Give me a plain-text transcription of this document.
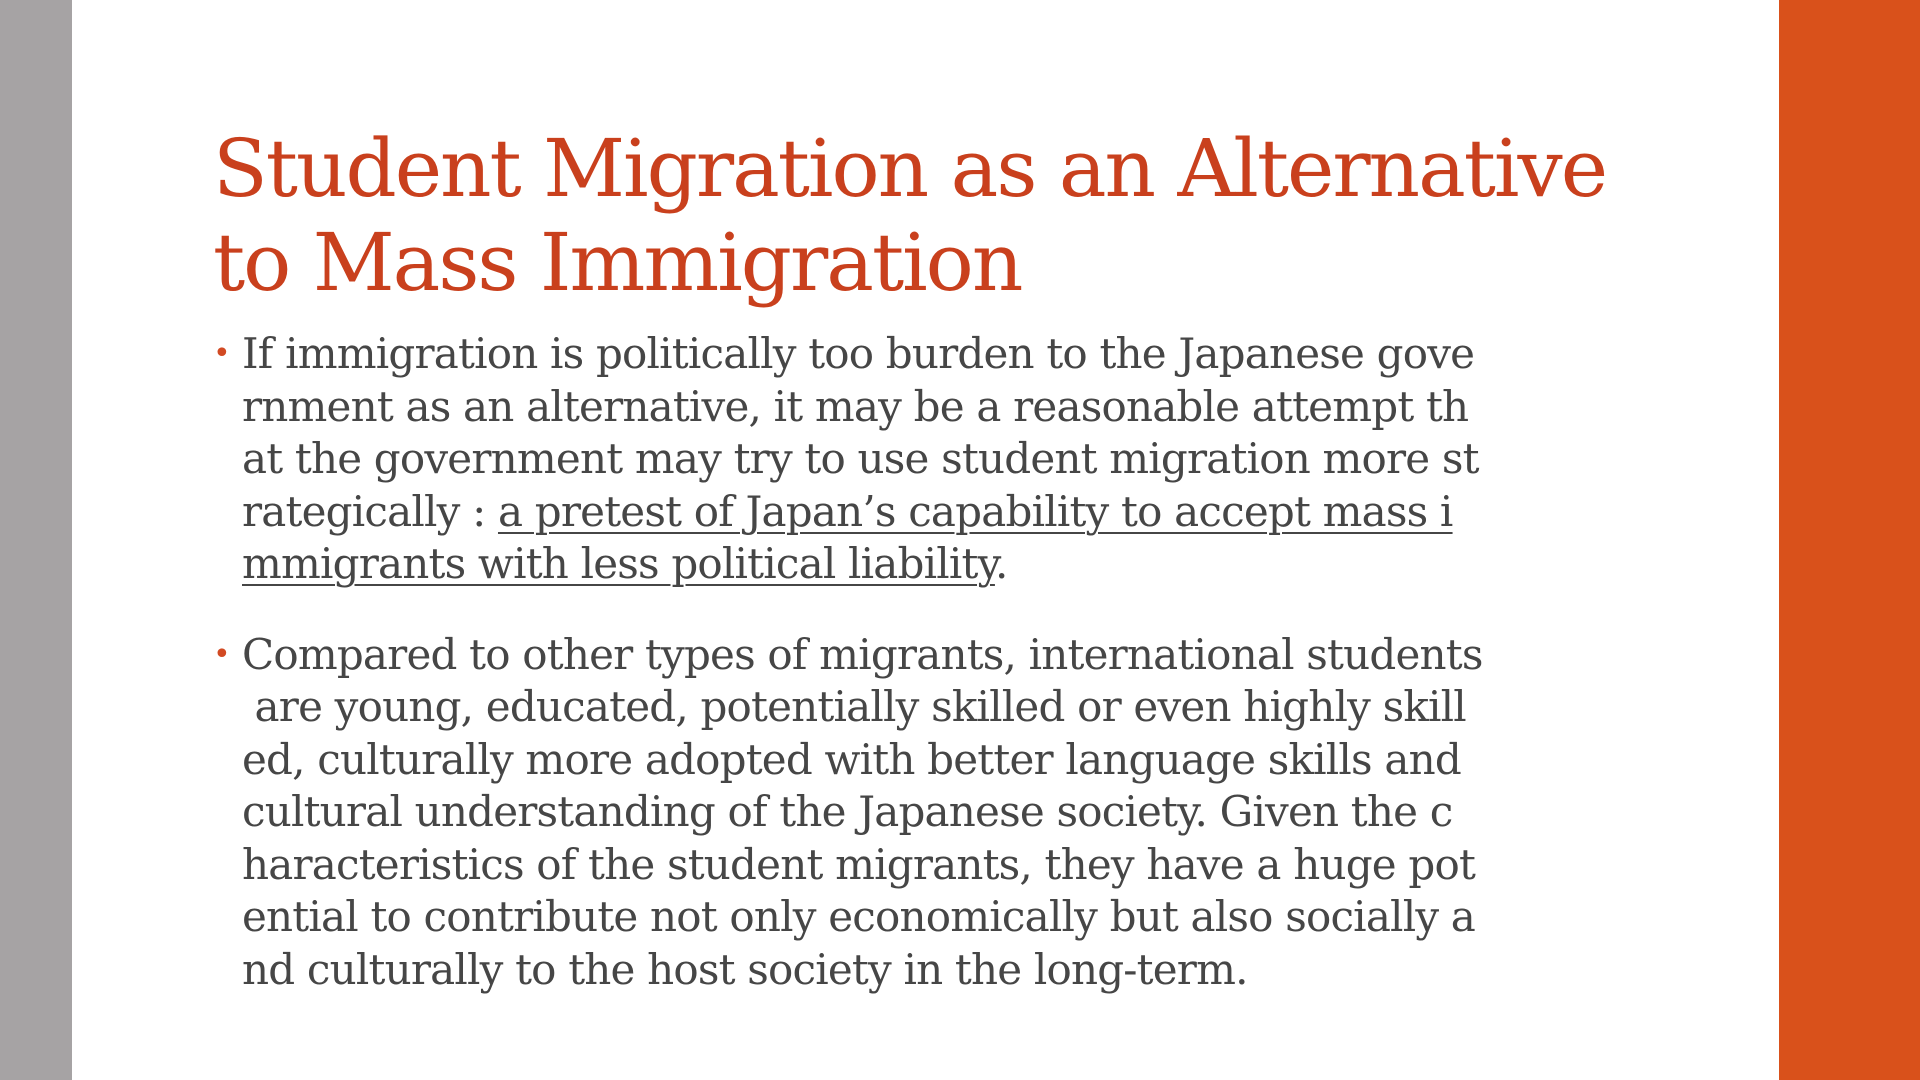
Student Migration as an Alternative
to Mass Immigration
• If immigration is politically too burden to the Japanese gove
rnment as an alternative, it may be a reasonable attempt th
at the government may try to use student migration more st
rategically : a pretest of Japan’s capability to accept mass i
mmigrants with less political liability.
• Compared to other types of migrants, international students
are young, educated, potentially skilled or even highly skill
ed, culturally more adopted with better language skills and
cultural understanding of the Japanese society. Given the c
haracteristics of the student migrants, they have a huge pot
ential to contribute not only economically but also socially a
nd culturally to the host society in the long-term.
